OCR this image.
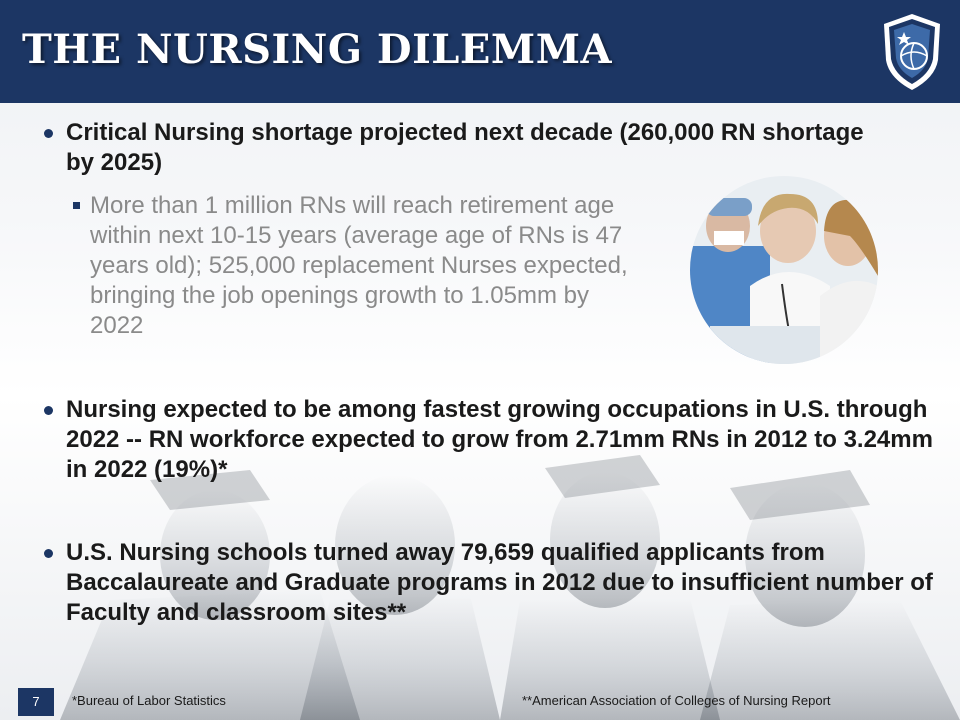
THE NURSING DILEMMA
Critical Nursing shortage projected next decade (260,000 RN shortage by 2025)
More than 1 million RNs will reach retirement age within next 10-15 years (average age of RNs is 47 years old); 525,000 replacement Nurses expected, bringing the job openings growth to 1.05mm by 2022
Nursing expected to be among fastest growing occupations in U.S. through 2022 -- RN workforce expected to grow from 2.71mm RNs in 2012 to 3.24mm in 2022 (19%)*
U.S. Nursing schools turned away 79,659 qualified applicants from Baccalaureate and Graduate programs in 2012 due to insufficient number of Faculty and classroom sites**
7	*Bureau of Labor Statistics	**American Association of Colleges of Nursing Report
